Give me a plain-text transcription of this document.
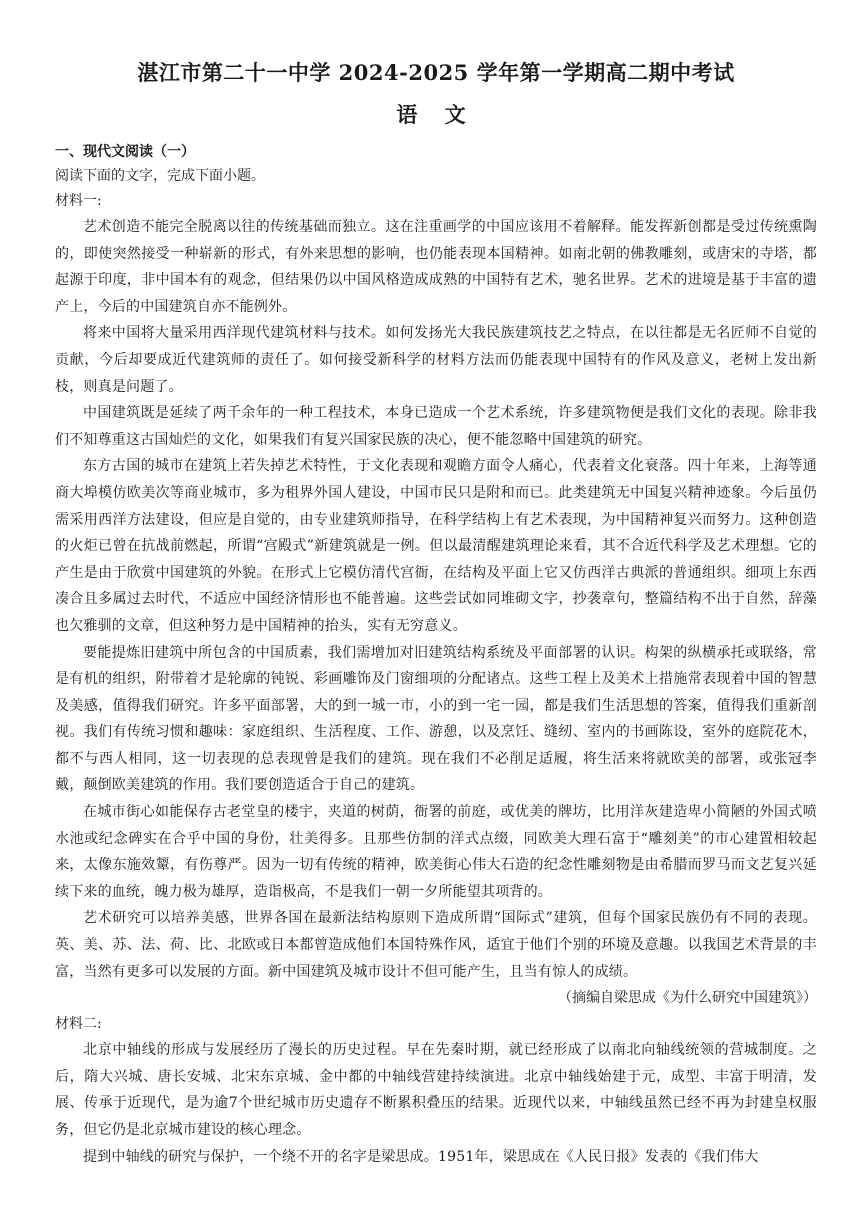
湛江市第二十一中学 2024-2025 学年第一学期高二期中考试
语 文

一、现代文阅读（一）

阅读下面的文字，完成下面小题。

材料一:

艺术创造不能完全脱离以往的传统基础而独立。这在注重画学的中国应该用不着解释。能发挥新创都是受过传统熏陶的，即使突然接受一种崭新的形式，有外来思想的影响，也仍能表现本国精神。如南北朝的佛教雕刻，或唐宋的寺塔，都起源于印度，非中国本有的观念，但结果仍以中国风格造成成熟的中国特有艺术，驰名世界。艺术的进境是基于丰富的遗产上，今后的中国建筑自亦不能例外。

将来中国将大量采用西洋现代建筑材料与技术。如何发扬光大我民族建筑技艺之特点，在以往都是无名匠师不自觉的贡献，今后却要成近代建筑师的责任了。如何接受新科学的材料方法而仍能表现中国特有的作风及意义，老树上发出新枝，则真是问题了。

中国建筑既是延续了两千余年的一种工程技术，本身已造成一个艺术系统，许多建筑物便是我们文化的表现。除非我们不知尊重这古国灿烂的文化，如果我们有复兴国家民族的决心，便不能忽略中国建筑的研究。

东方古国的城市在建筑上若失掉艺术特性，于文化表现和观瞻方面令人痛心，代表着文化衰落。四十年来，上海等通商大埠模仿欧美次等商业城市，多为租界外国人建设，中国市民只是附和而已。此类建筑无中国复兴精神迹象。今后虽仍需采用西洋方法建设，但应是自觉的，由专业建筑师指导，在科学结构上有艺术表现，为中国精神复兴而努力。这种创造的火炬已曾在抗战前燃起，所谓“宫殿式”新建筑就是一例。但以最清醒建筑理论来看，其不合近代科学及艺术理想。它的产生是由于欣赏中国建筑的外貌。在形式上它模仿清代宫衙，在结构及平面上它又仿西洋古典派的普通组织。细项上东西凑合且多属过去时代，不适应中国经济情形也不能普遍。这些尝试如同堆砌文字，抄袭章句，整篇结构不出于自然，辞藻也欠雅驯的文章，但这种努力是中国精神的抬头，实有无穷意义。

要能提炼旧建筑中所包含的中国质素，我们需增加对旧建筑结构系统及平面部署的认识。构架的纵横承托或联络，常是有机的组织，附带着才是轮廓的钝锐、彩画雕饰及门窗细项的分配诸点。这些工程上及美术上措施常表现着中国的智慧及美感，值得我们研究。许多平面部署，大的到一城一市，小的到一宅一园，都是我们生活思想的答案，值得我们重新剖视。我们有传统习惯和趣味：家庭组织、生活程度、工作、游憩，以及烹饪、缝纫、室内的书画陈设，室外的庭院花木，都不与西人相同，这一切表现的总表现曾是我们的建筑。现在我们不必削足适履，将生活来将就欧美的部署，或张冠李戴，颠倒欧美建筑的作用。我们要创造适合于自己的建筑。

在城市街心如能保存古老堂皇的楼宇，夹道的树荫，衙署的前庭，或优美的牌坊，比用洋灰建造卑小简陋的外国式喷水池或纪念碑实在合乎中国的身份，壮美得多。且那些仿制的洋式点缀，同欧美大理石富于“雕刻美”的市心建置相较起来，太像东施效颦，有伤尊严。因为一切有传统的精神，欧美街心伟大石造的纪念性雕刻物是由希腊而罗马而文艺复兴延续下来的血统，魄力极为雄厚，造诣极高，不是我们一朝一夕所能望其项背的。

艺术研究可以培养美感，世界各国在最新法结构原则下造成所谓“国际式”建筑，但每个国家民族仍有不同的表现。英、美、苏、法、荷、比、北欧或日本都曾造成他们本国特殊作风，适宜于他们个别的环境及意趣。以我国艺术背景的丰富，当然有更多可以发展的方面。新中国建筑及城市设计不但可能产生，且当有惊人的成绩。

（摘编自梁思成《为什么研究中国建筑》）

材料二:

北京中轴线的形成与发展经历了漫长的历史过程。早在先秦时期，就已经形成了以南北向轴线统领的营城制度。之后，隋大兴城、唐长安城、北宋东京城、金中都的中轴线营建持续演进。北京中轴线始建于元，成型、丰富于明清，发展、传承于近现代，是为逾7个世纪城市历史遗存不断累积叠压的结果。近现代以来，中轴线虽然已经不再为封建皇权服务，但它仍是北京城市建设的核心理念。

提到中轴线的研究与保护，一个绕不开的名字是梁思成。1951年，梁思成在《人民日报》发表的《我们伟大
